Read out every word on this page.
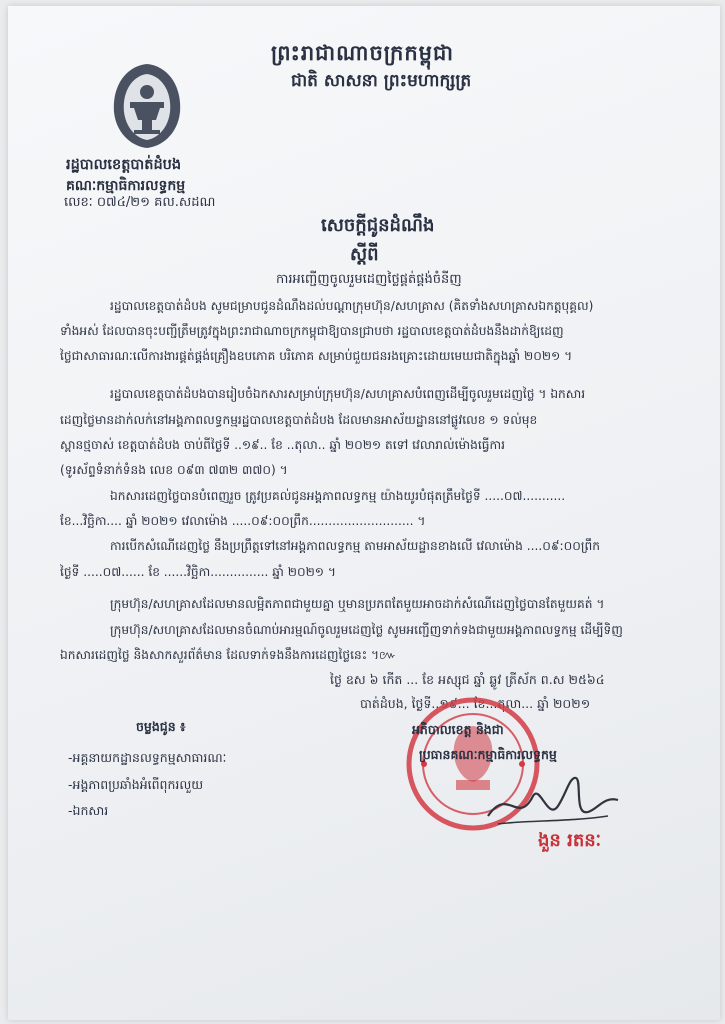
ព្រះរាជាណាចក្រកម្ពុជា
ជាតិ សាសនា ព្រះមហាក្សត្រ
រដ្ឋបាលខេត្តបាត់ដំបង
គណៈកម្មាធិការលទ្ធកម្ម
លេខៈ ០៧៤/២១ គល.សដណ
សេចក្តីជូនដំណឹង
ស្តីពី
ការអញ្ជើញចូលរួមដេញថ្លៃផ្គត់ផ្គង់ចំនីញ
រដ្ឋបាលខេត្តបាត់ដំបង សូមជម្រាបជូនដំណឹងដល់បណ្តាក្រុមហ៊ុន/សហគ្រាស (គិតទាំងសហគ្រាសឯកត្តបុគ្គល)
ទាំងអស់ ដែលបានចុះបញ្ជីត្រឹមត្រូវក្នុងព្រះរាជាណាចក្រកម្ពុជាឱ្យបានជ្រាបថា រដ្ឋបាលខេត្តបាត់ដំបងនឹងដាក់ឱ្យដេញ
ថ្លៃជាសាធារណៈលើការងារផ្គត់ផ្គង់គ្រឿងឧបភោគ បរិភោគ សម្រាប់ជួយជនរងគ្រោះដោយមេឃជាតិក្នុងឆ្នាំ ២០២១ ។
រដ្ឋបាលខេត្តបាត់ដំបងបានរៀបចំឯកសារសម្រាប់ក្រុមហ៊ុន/សហគ្រាសបំពេញដើម្បីចូលរួមដេញថ្លៃ ។ ឯកសារ
ដេញថ្លៃមានដាក់លក់នៅអង្គភាពលទ្ធកម្មរដ្ឋបាលខេត្តបាត់ដំបង ដែលមានអាស័យដ្ឋាននៅផ្លូវលេខ ១ ទល់មុខ
ស្ពានថ្មចាស់ ខេត្តបាត់ដំបង ចាប់ពីថ្ងៃទី ..១៩.. ខែ ..តុលា.. ឆ្នាំ ២០២១ តទៅ វេលារាល់ម៉ោងធ្វើការ
(ទូរស័ព្ទទំនាក់ទំនង លេខ ០៩៣ ៧៣២ ៣៧០) ។
ឯកសារដេញថ្លៃបានបំពេញរួច ត្រូវប្រគល់ជូនអង្គភាពលទ្ធកម្ម យ៉ាងយូរបំផុតត្រឹមថ្ងៃទី .....០៧...........
ខែ...វិច្ឆិកា.... ឆ្នាំ ២០២១ វេលាម៉ោង .....០៩:០០ព្រឹក........................... ។
ការបើកសំណើដេញថ្លៃ នឹងប្រព្រឹត្តទៅនៅអង្គភាពលទ្ធកម្ម តាមអាស័យដ្ឋានខាងលើ វេលាម៉ោង ....០៩:០០ព្រឹក
ថ្ងៃទី .....០៧...... ខែ ......វិច្ឆិកា............... ឆ្នាំ ២០២១ ។
ក្រុមហ៊ុន/សហគ្រាសដែលមានលម្អិតភាពជាមួយគ្នា ឬមានប្រភពតែមួយអាចដាក់សំណើដេញថ្លៃបានតែមួយគត់ ។
ក្រុមហ៊ុន/សហគ្រាសដែលមានចំណាប់អារម្មណ៍ចូលរួមដេញថ្លៃ សូមអញ្ជើញទាក់ទងជាមួយអង្គភាពលទ្ធកម្ម ដើម្បីទិញ
ឯកសារដេញថ្លៃ និងសាកសួរព័ត៌មាន ដែលទាក់ទងនឹងការដេញថ្លៃនេះ ។៚
ថ្ងៃ ឧស ៦ កើត ... ខែ អស្សុជ ឆ្នាំ ឆ្លូវ ត្រីស័ក ព.ស ២៥៦៤
បាត់ដំបង, ថ្ងៃទី..១៩... ខែ...តុលា... ឆ្នាំ ២០២១
អភិបាលខេត្ត និងជា
ប្រធានគណៈកម្មាធិការលទ្ធកម្ម
ងួន រតនៈ
ចម្លងជូន ៖
-អគ្គនាយកដ្ឋានលទ្ធកម្មសាធារណៈ
-អង្គភាពប្រឆាំងអំពើពុករលួយ
-ឯកសារ
